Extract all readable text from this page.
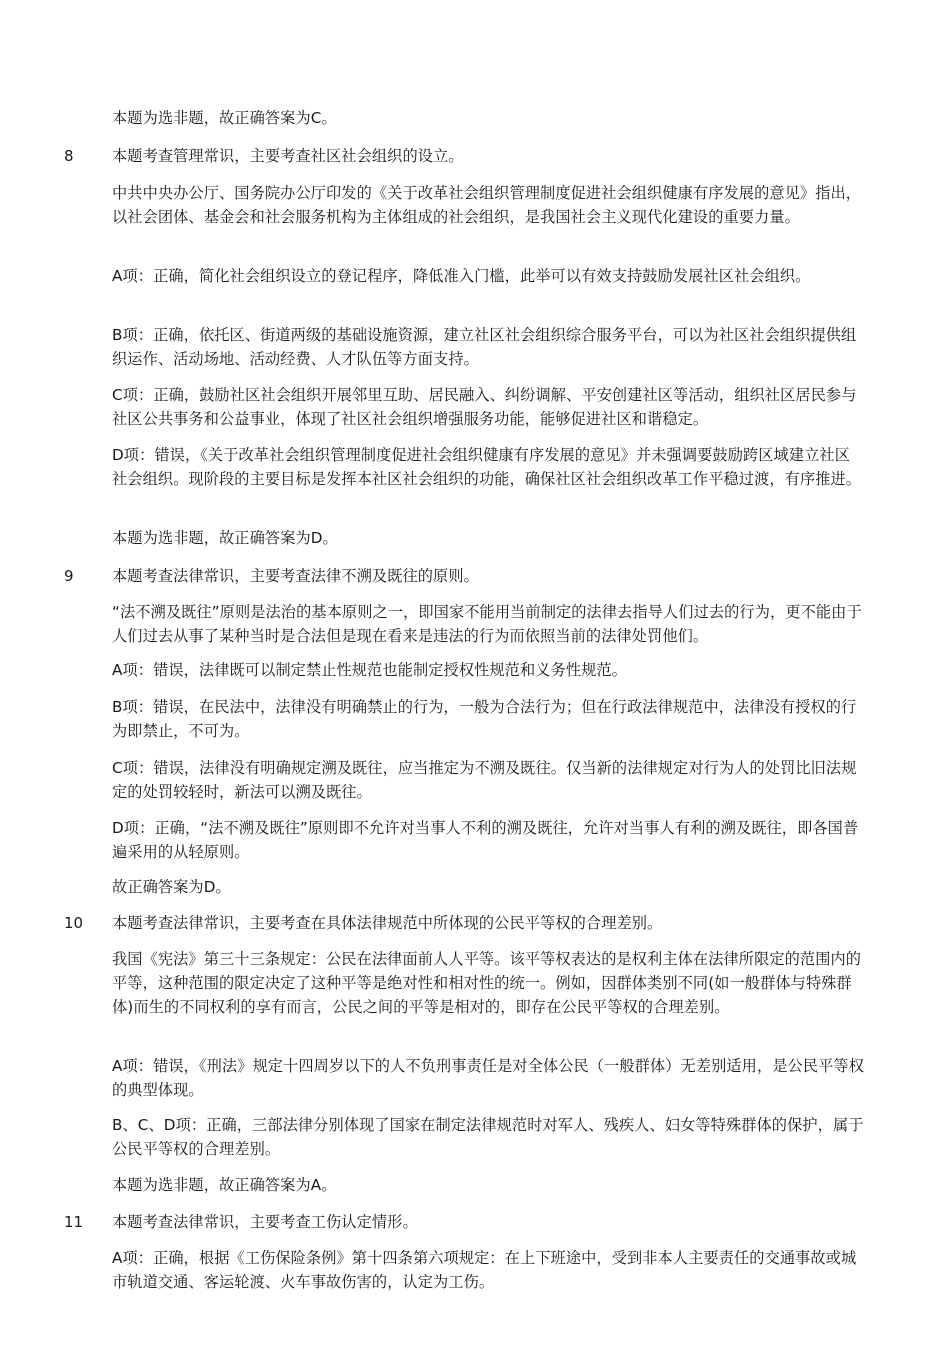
本题为选非题，故正确答案为C。
8	本题考查管理常识，主要考查社区社会组织的设立。
中共中央办公厅、国务院办公厅印发的《关于改革社会组织管理制度促进社会组织健康有序发展的意见》指出，以社会团体、基金会和社会服务机构为主体组成的社会组织，是我国社会主义现代化建设的重要力量。
A项：正确，简化社会组织设立的登记程序，降低准入门槛，此举可以有效支持鼓励发展社区社会组织。
B项：正确，依托区、街道两级的基础设施资源，建立社区社会组织综合服务平台，可以为社区社会组织提供组织运作、活动场地、活动经费、人才队伍等方面支持。
C项：正确，鼓励社区社会组织开展邻里互助、居民融入、纠纷调解、平安创建社区等活动，组织社区居民参与社区公共事务和公益事业，体现了社区社会组织增强服务功能，能够促进社区和谐稳定。
D项：错误，《关于改革社会组织管理制度促进社会组织健康有序发展的意见》并未强调要鼓励跨区域建立社区社会组织。现阶段的主要目标是发挥本社区社会组织的功能，确保社区社会组织改革工作平稳过渡，有序推进。
本题为选非题，故正确答案为D。
9	本题考查法律常识，主要考查法律不溯及既往的原则。
“法不溯及既往”原则是法治的基本原则之一，即国家不能用当前制定的法律去指导人们过去的行为，更不能由于人们过去从事了某种当时是合法但是现在看来是违法的行为而依照当前的法律处罚他们。
A项：错误，法律既可以制定禁止性规范也能制定授权性规范和义务性规范。
B项：错误，在民法中，法律没有明确禁止的行为，一般为合法行为；但在行政法律规范中，法律没有授权的行为即禁止，不可为。
C项：错误，法律没有明确规定溯及既往，应当推定为不溯及既往。仅当新的法律规定对行为人的处罚比旧法规定的处罚较轻时，新法可以溯及既往。
D项：正确，“法不溯及既往”原则即不允许对当事人不利的溯及既往，允许对当事人有利的溯及既往，即各国普遍采用的从轻原则。
故正确答案为D。
10 本题考查法律常识，主要考查在具体法律规范中所体现的公民平等权的合理差别。
我国《宪法》第三十三条规定：公民在法律面前人人平等。该平等权表达的是权利主体在法律所限定的范围内的平等，这种范围的限定决定了这种平等是绝对性和相对性的统一。例如，因群体类别不同(如一般群体与特殊群体)而生的不同权利的享有而言，公民之间的平等是相对的，即存在公民平等权的合理差别。
A项：错误，《刑法》规定十四周岁以下的人不负刑事责任是对全体公民（一般群体）无差别适用，是公民平等权的典型体现。
B、C、D项：正确，三部法律分别体现了国家在制定法律规范时对军人、残疾人、妇女等特殊群体的保护，属于公民平等权的合理差别。
本题为选非题，故正确答案为A。
11 本题考查法律常识，主要考查工伤认定情形。
A项：正确，根据《工伤保险条例》第十四条第六项规定：在上下班途中，受到非本人主要责任的交通事故或城市轨道交通、客运轮渡、火车事故伤害的，认定为工伤。
